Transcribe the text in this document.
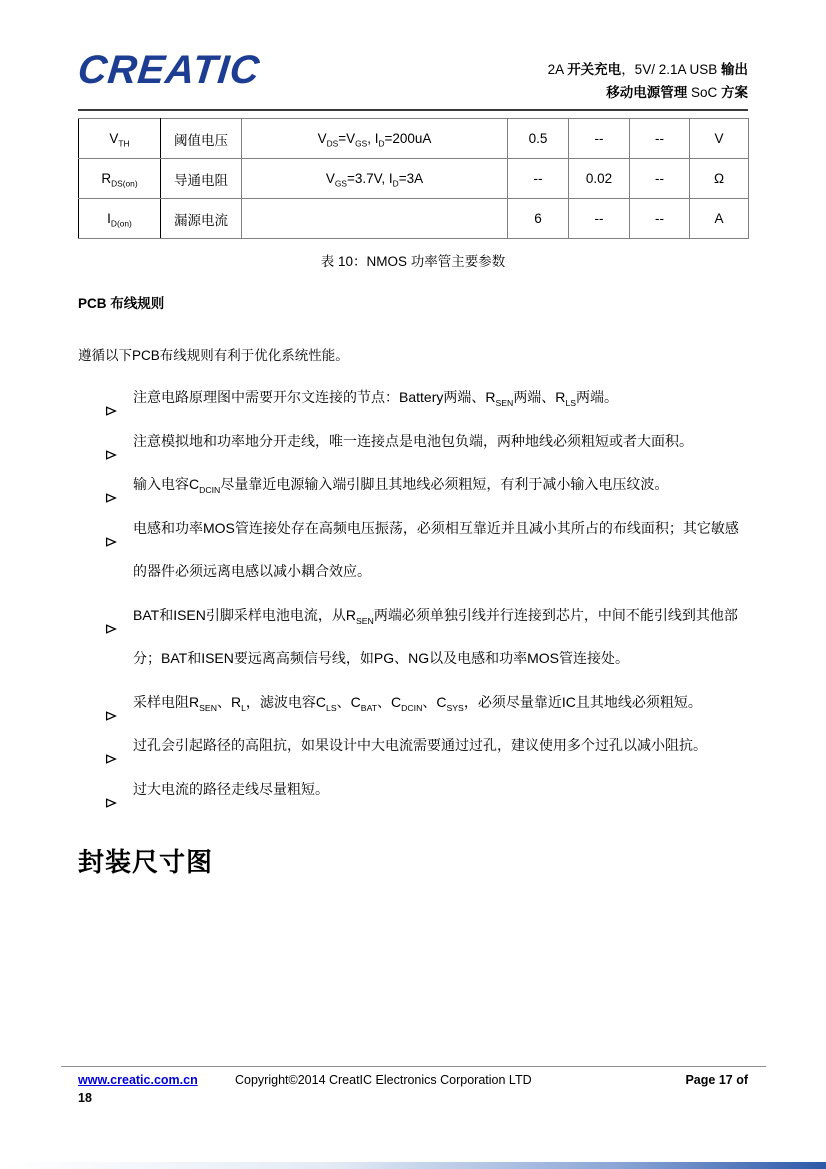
CREATIC	2A 开关充电，5V/ 2.1A USB 输出
移动电源管理 SoC 方案
$V_{TH}$	阈值电压	$V_{DS}=V_{GS}$, $I_D=200uA$	0.5	--	--	V
$R_{DS(on)}$	导通电阻	$V_{GS}=3.7V$, $I_D=3A$	--	0.02	--	Ω
$I_{D(on)}$	漏源电流		6	--	--	A
表 10：NMOS 功率管主要参数
PCB 布线规则
遵循以下PCB布线规则有利于优化系统性能。
注意电路原理图中需要开尔文连接的节点：Battery两端、$R_{SEN}$两端、$R_{LS}$两端。
注意模拟地和功率地分开走线，唯一连接点是电池包负端，两种地线必须粗短或者大面积。
输入电容$C_{DCIN}$尽量靠近电源输入端引脚且其地线必须粗短，有利于减小输入电压纹波。
电感和功率MOS管连接处存在高频电压振荡，必须相互靠近并且减小其所占的布线面积；其它敏感的器件必须远离电感以减小耦合效应。
BAT和ISEN引脚采样电池电流，从$R_{SEN}$两端必须单独引线并行连接到芯片，中间不能引线到其他部分；BAT和ISEN要远离高频信号线，如PG、NG以及电感和功率MOS管连接处。
采样电阻$R_{SEN}$、$R_L$，滤波电容$C_{LS}$、$C_{BAT}$、$C_{DCIN}$、$C_{SYS}$，必须尽量靠近IC且其地线必须粗短。
过孔会引起路径的高阻抗，如果设计中大电流需要通过过孔，建议使用多个过孔以减小阻抗。
过大电流的路径走线尽量粗短。
封装尺寸图
www.creatic.com.cn	Copyright©2014 CreatIC Electronics Corporation LTD	Page 17 of
18
